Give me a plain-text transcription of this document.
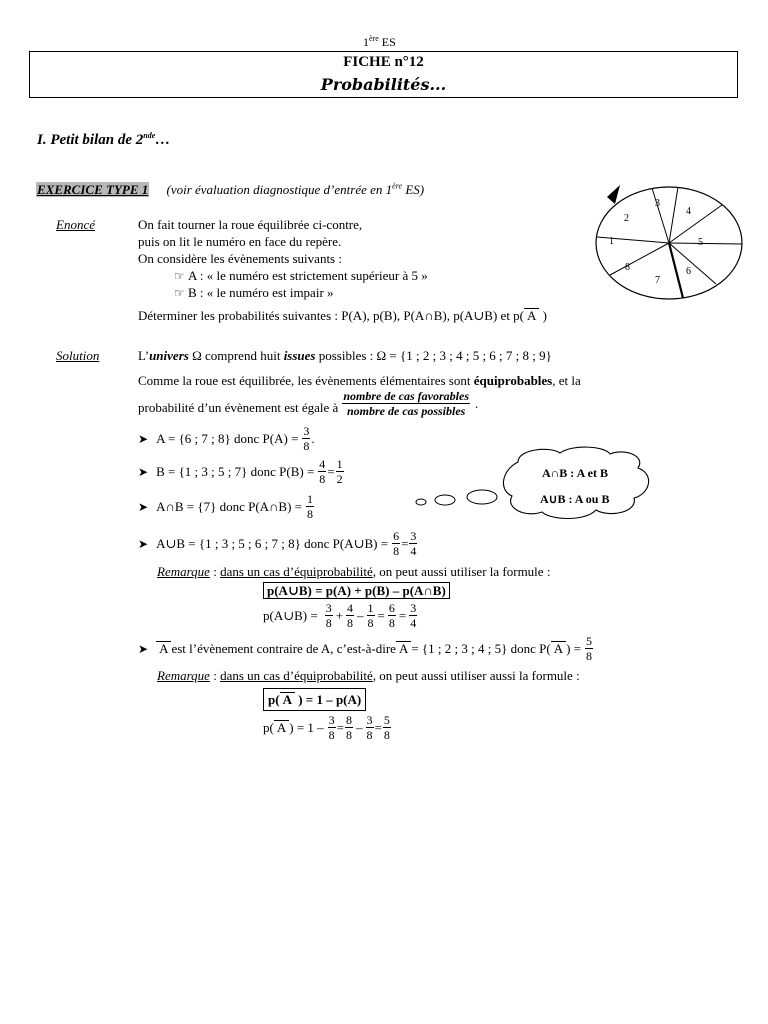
1ère ES
FICHE n°12
Probabilités...
I. Petit bilan de 2nde…
EXERCICE TYPE 1 (voir évaluation diagnostique d’entrée en 1ère ES)
3
4
5
6
7
8
1
2
Enoncé	On fait tourner la roue équilibrée ci-contre,
puis on lit le numéro en face du repère.
On considère les évènements suivants :
☞ A : « le numéro est strictement supérieur à 5 »
☞ B : « le numéro est impair »
Déterminer les probabilités suivantes : P(A), p(B), P(A∩B), p(A∪B) et p( A )
Solution	L’univers Ω comprend huit issues possibles : Ω = {1 ; 2 ; 3 ; 4 ; 5 ; 6 ; 7 ; 8 ; 9}
Comme la roue est équilibrée, les évènements élémentaires sont équiprobables, et la
probabilité d’un évènement est égale à $\frac{\text{nombre de cas favorables}}{\text{nombre de cas possibles}}$ .
➤ A = {6 ; 7 ; 8} donc $P(A) = \frac{3}{8}$ .
➤ B = {1 ; 3 ; 5 ; 7} donc $P(B) = \frac{4}{8} = \frac{1}{2}$
➤ A∩B = {7} donc P(A∩B) = $\frac{1}{8}$
A∩B : A et B
A∪B : A ou B
➤ A∪B = {1 ; 3 ; 5 ; 6 ; 7 ; 8} donc P(A∪B) = $\frac{6}{8} = \frac{3}{4}$
Remarque : dans un cas d’équiprobabilité, on peut aussi utiliser la formule :
p(A∪B) = p(A) + p(B) – p(A∩B)
p(A∪B) = $\frac{3}{8} + \frac{4}{8} - \frac{1}{8} = \frac{6}{8} = \frac{3}{4}$
➤ A est l’évènement contraire de A, c’est-à-dire A = {1 ; 2 ; 3 ; 4 ; 5} donc P( A ) = $\frac{5}{8}$
Remarque : dans un cas d’équiprobabilité, on peut aussi utiliser aussi la formule :
p( A ) = 1 – p(A)
p( A ) = $1 - \frac{3}{8} = \frac{8}{8} - \frac{3}{8} = \frac{5}{8}$
